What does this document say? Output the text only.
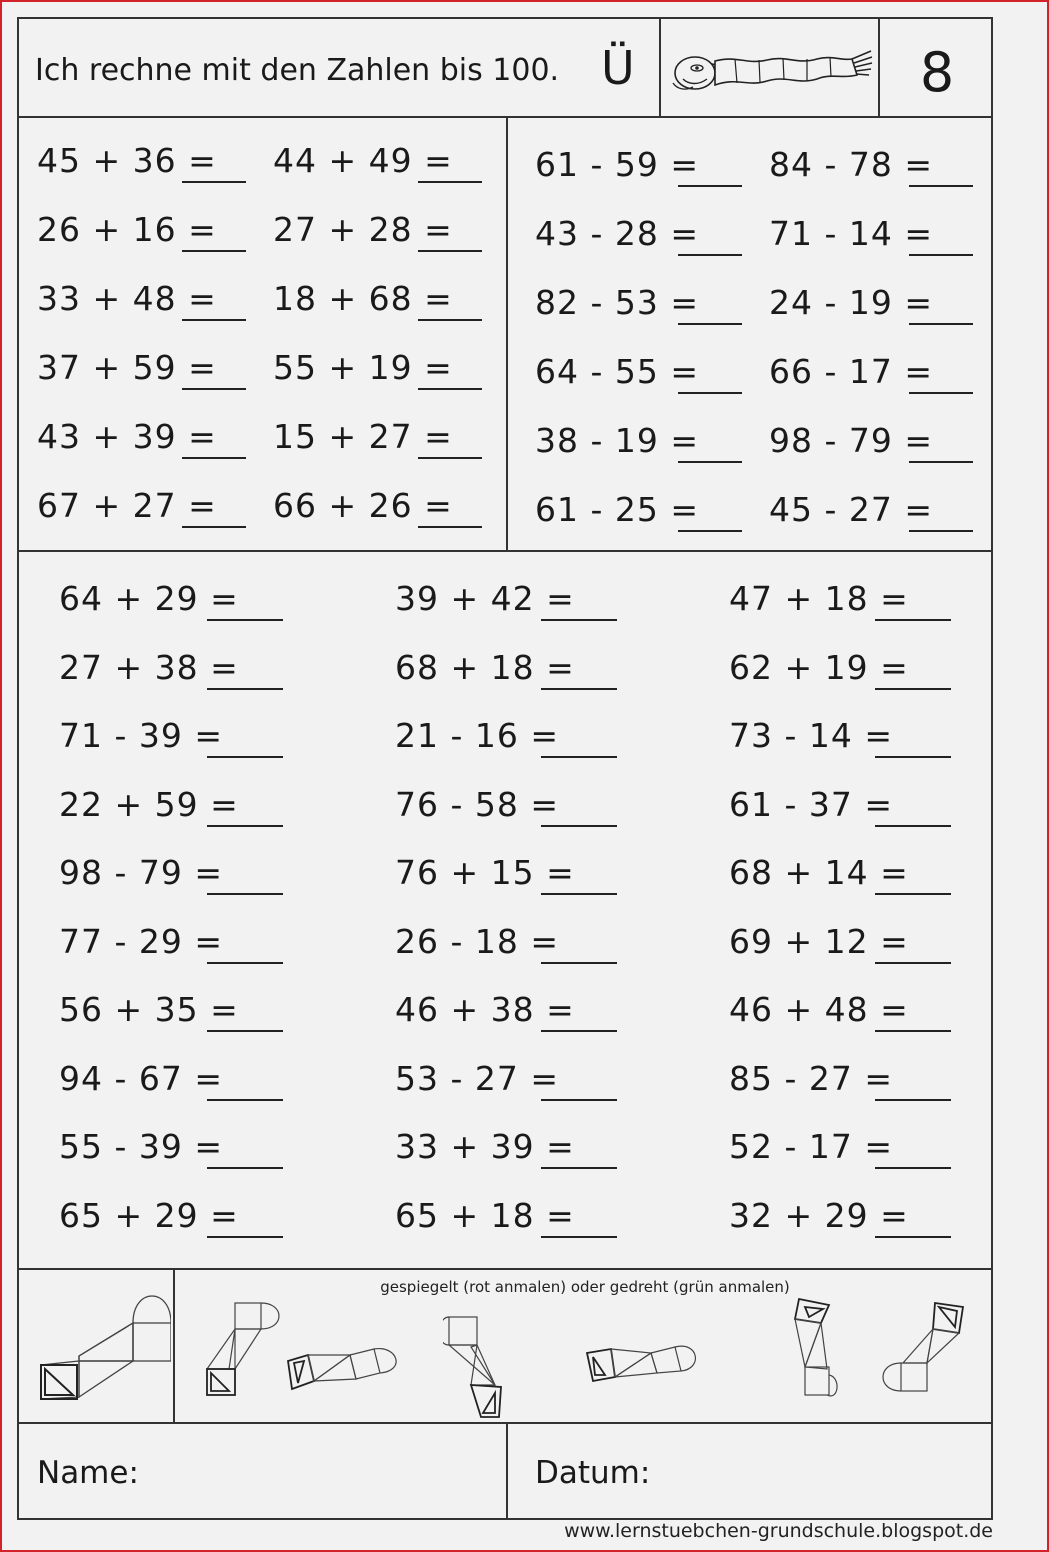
Ich rechne mit den Zahlen bis 100. Ü	8
45 + 36 = 44 + 49 =
26 + 16 = 27 + 28 =
33 + 48 = 18 + 68 =
37 + 59 = 55 + 19 =
43 + 39 = 15 + 27 =
67 + 27 = 66 + 26 =
61 - 59 = 84 - 78 =
43 - 28 = 71 - 14 =
82 - 53 = 24 - 19 =
64 - 55 = 66 - 17 =
38 - 19 = 98 - 79 =
61 - 25 = 45 - 27 =
64 + 29 =	39 + 42 =	47 + 18 =
27 + 38 =	68 + 18 =	62 + 19 =
71 - 39 =	21 - 16 =	73 - 14 =
22 + 59 =	76 - 58 =	61 - 37 =
98 - 79 =	76 + 15 =	68 + 14 =
77 - 29 =	26 - 18 =	69 + 12 =
56 + 35 =	46 + 38 =	46 + 48 =
94 - 67 =	53 - 27 =	85 - 27 =
55 - 39 =	33 + 39 =	52 - 17 =
65 + 29 =	65 + 18 =	32 + 29 =
gespiegelt (rot anmalen) oder gedreht (grün anmalen)
Name:	Datum:
www.lernstuebchen-grundschule.blogspot.de
